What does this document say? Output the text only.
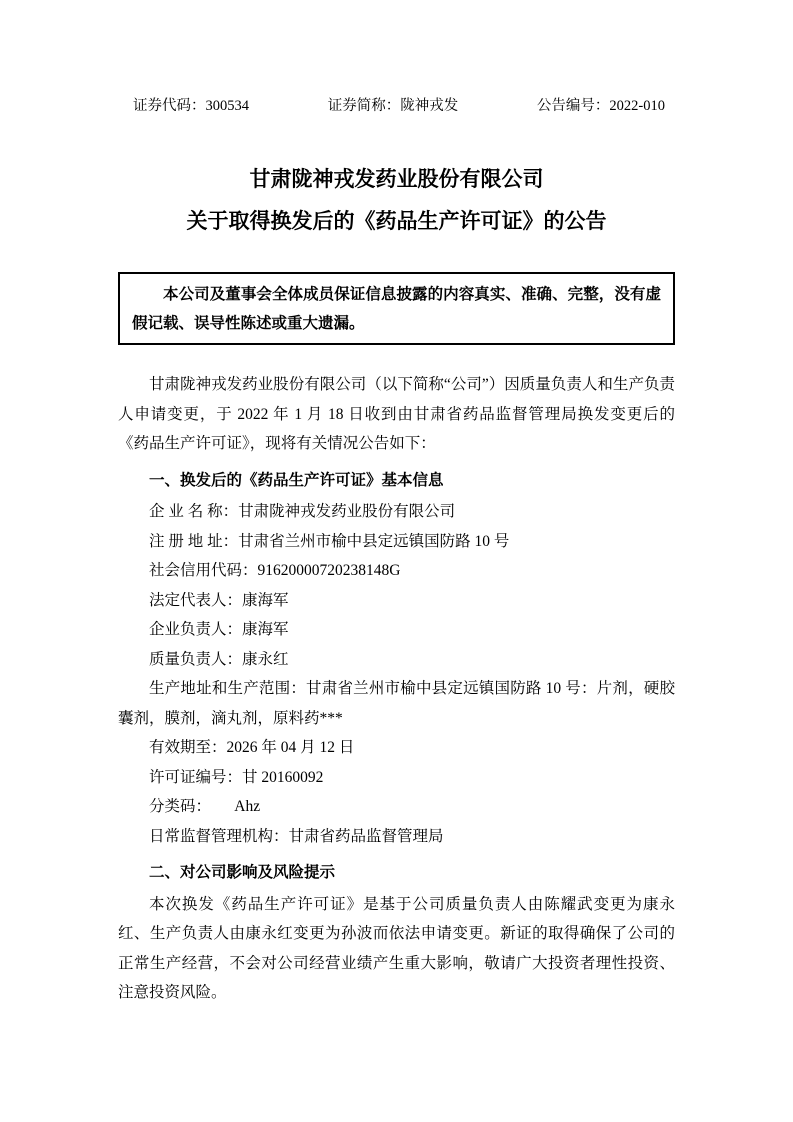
证券代码：300534	证券简称：陇神戎发	公告编号：2022-010
甘肃陇神戎发药业股份有限公司
关于取得换发后的《药品生产许可证》的公告

本公司及董事会全体成员保证信息披露的内容真实、准确、完整，没有虚假记载、误导性陈述或重大遗漏。

甘肃陇神戎发药业股份有限公司（以下简称“公司”）因质量负责人和生产负责人申请变更，于 2022 年 1 月 18 日收到由甘肃省药品监督管理局换发变更后的《药品生产许可证》，现将有关情况公告如下：

一、换发后的《药品生产许可证》基本信息

企 业 名 称：甘肃陇神戎发药业股份有限公司

注 册 地 址：甘肃省兰州市榆中县定远镇国防路 10 号

社会信用代码：91620000720238148G

法定代表人：康海军

企业负责人：康海军

质量负责人：康永红

生产地址和生产范围：甘肃省兰州市榆中县定远镇国防路 10 号：片剂，硬胶囊剂，膜剂，滴丸剂，原料药***

有效期至：2026 年 04 月 12 日

许可证编号：甘 20160092

分类码：　　Ahz

日常监督管理机构：甘肃省药品监督管理局

二、对公司影响及风险提示

本次换发《药品生产许可证》是基于公司质量负责人由陈耀武变更为康永红、生产负责人由康永红变更为孙波而依法申请变更。新证的取得确保了公司的正常生产经营，不会对公司经营业绩产生重大影响，敬请广大投资者理性投资、注意投资风险。
